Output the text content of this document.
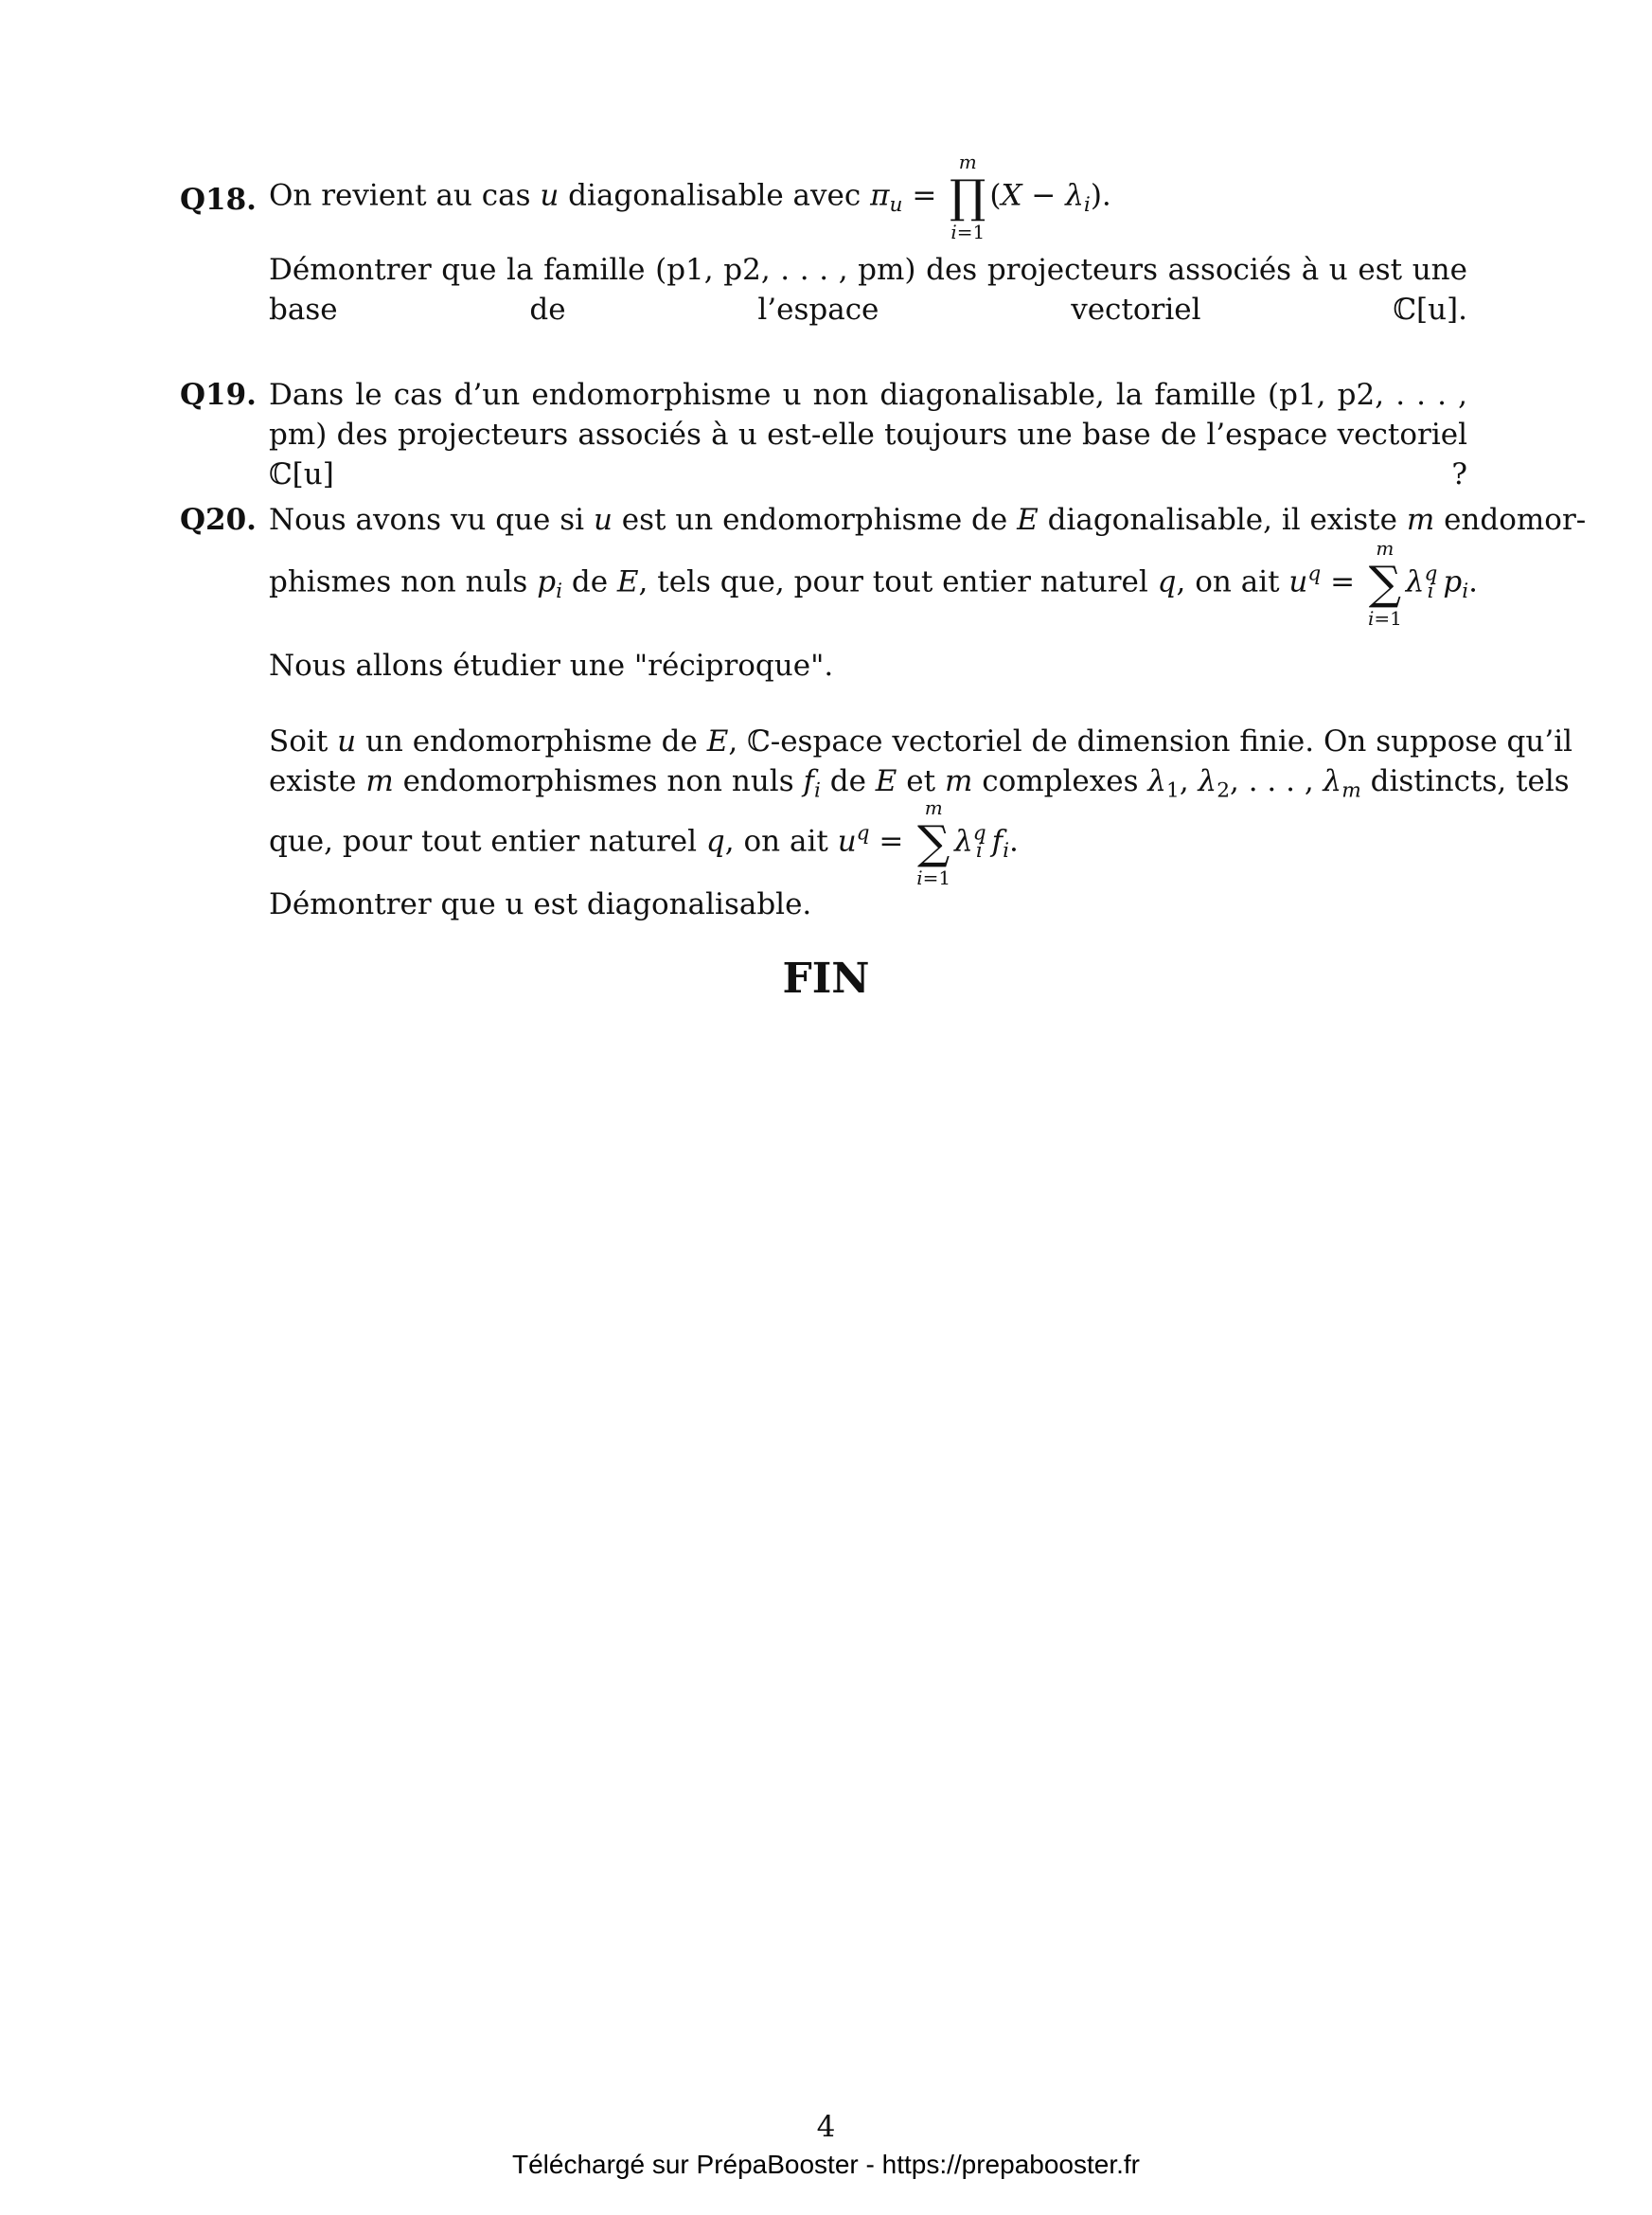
Q18. On revient au cas u diagonalisable avec $\pi_u$ =
m
∏
i=1
$(X - \lambda_i)$.
Démontrer que la famille (p1, p2, . . . , pm) des projecteurs associés à u est une base de l’espace vectoriel ℂ[u].
Q19. Dans le cas d’un endomorphisme u non diagonalisable, la famille (p1, p2, . . . , pm) des projecteurs associés à u est-elle toujours une base de l’espace vectoriel ℂ[u] ?
Q20. Nous avons vu que si u est un endomorphisme de E diagonalisable, il existe m endomor-
phismes non nuls $p_i$ de E, tels que, pour tout entier naturel q, on ait $u^q$ =
m
∑
i=1
$\lambda^q_i$ $p_i$.
Nous allons étudier une "réciproque".
Soit u un endomorphisme de E, ℂ-espace vectoriel de dimension finie. On suppose qu’il
existe m endomorphismes non nuls $f_i$ de E et m complexes $\lambda_1$, $\lambda_2$, . . . , $\lambda_m$ distincts, tels
que, pour tout entier naturel q, on ait $u^q$ =
m
∑
i=1
$\lambda^q_i$ $f_i$.
Démontrer que u est diagonalisable.
FIN
4
Téléchargé sur PrépaBooster - https://prepabooster.fr
